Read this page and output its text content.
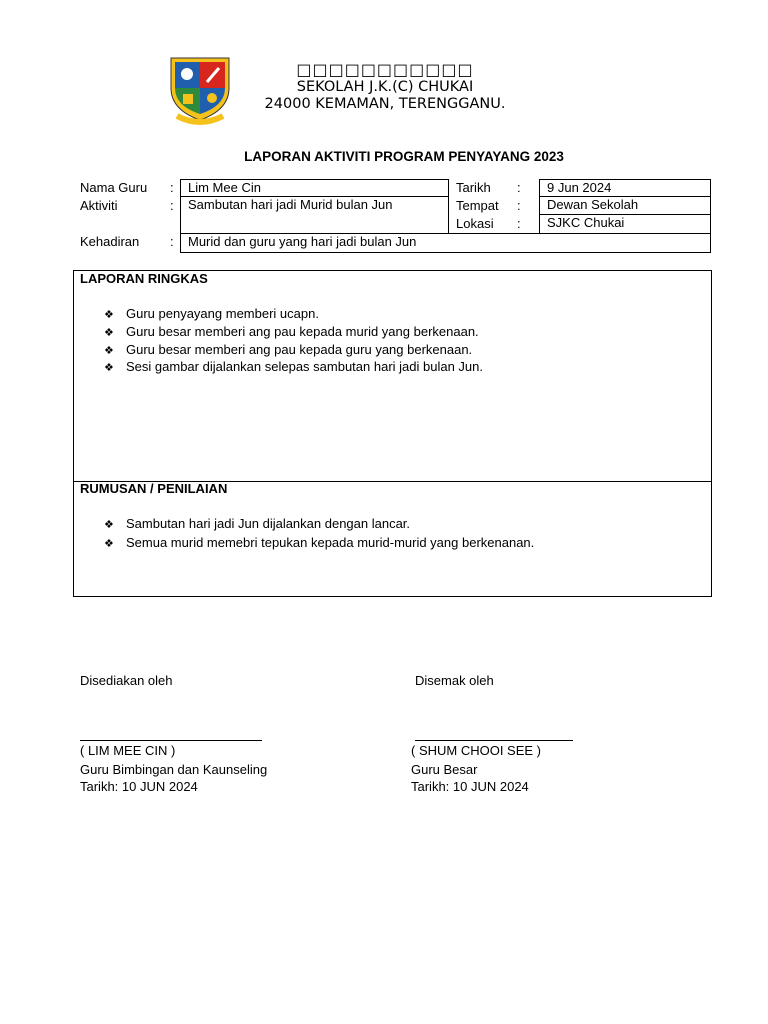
□□□□□□□□□□□
SEKOLAH J.K.(C) CHUKAI
24000 KEMAMAN, TERENGGANU.
LAPORAN AKTIVITI PROGRAM PENYAYANG 2023
Nama Guru :	Lim Mee Cin
Aktiviti	:	Sambutan hari jadi Murid bulan Jun
Tarikh :	9 Jun 2024
Tempat :	Dewan Sekolah
Lokasi :	SJKC Chukai
Kehadiran :	Murid dan guru yang hari jadi bulan Jun
LAPORAN RINGKAS
❖ Guru penyayang memberi ucapn.
❖ Guru besar memberi ang pau kepada murid yang berkenaan.
❖ Guru besar memberi ang pau kepada guru yang berkenaan.
❖ Sesi gambar dijalankan selepas sambutan hari jadi bulan Jun.
RUMUSAN / PENILAIAN
❖ Sambutan hari jadi Jun dijalankan dengan lancar.
❖ Semua murid memebri tepukan kepada murid-murid yang berkenanan.
Disediakan oleh
( LIM MEE CIN )
Guru Bimbingan dan Kaunseling
Tarikh: 10 JUN 2024
Disemak oleh
( SHUM CHOOI SEE )
Guru Besar
Tarikh: 10 JUN 2024
